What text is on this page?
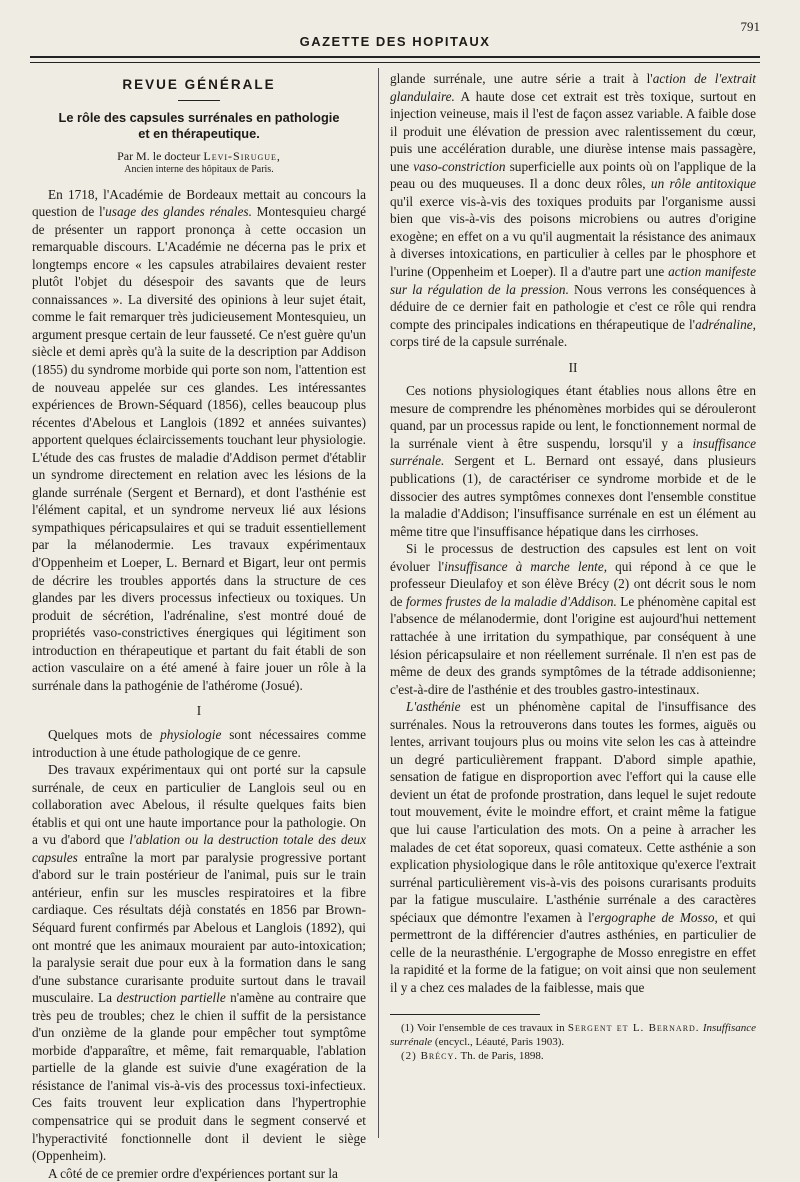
GAZETTE DES HOPITAUX
791
REVUE GÉNÉRALE
Le rôle des capsules surrénales en pathologie
et en thérapeutique.
Par M. le docteur Levi-Sirugue,
Ancien interne des hôpitaux de Paris.

En 1718, l'Académie de Bordeaux mettait au concours la question de l'usage des glandes rénales. Montesquieu chargé de présenter un rapport prononça à cette occasion un remarquable discours. L'Académie ne décerna pas le prix et longtemps encore « les capsules atrabilaires devaient rester plutôt l'objet du désespoir des savants que de leurs connaissances ». La diversité des opinions à leur sujet était, comme le fait remarquer très judicieusement Montesquieu, un argument presque certain de leur fausseté. Ce n'est guère qu'un siècle et demi après qu'à la suite de la description par Addison (1855) du syndrome morbide qui porte son nom, l'attention est de nouveau appelée sur ces glandes. Les intéressantes expériences de Brown-Séquard (1856), celles beaucoup plus récentes d'Abelous et Langlois (1892 et années suivantes) apportent quelques éclaircissements touchant leur physiologie. L'étude des cas frustes de maladie d'Addison permet d'établir un syndrome directement en relation avec les lésions de la glande surrénale (Sergent et Bernard), et dont l'asthénie est l'élément capital, et un syndrome nerveux lié aux lésions sympathiques péricapsulaires et qui se traduit essentiellement par la mélanodermie. Les travaux expérimentaux d'Oppenheim et Loeper, L. Bernard et Bigart, leur ont permis de décrire les troubles apportés dans la structure de ces glandes par les divers processus infectieux ou toxiques. Un produit de sécrétion, l'adrénaline, s'est montré doué de propriétés vaso-constrictives énergiques qui légitiment son introduction en thérapeutique et partant du fait établi de son action vasculaire on a été amené à faire jouer un rôle à la surrénale dans la pathogénie de l'athérome (Josué).

I

Quelques mots de physiologie sont nécessaires comme introduction à une étude pathologique de ce genre.

Des travaux expérimentaux qui ont porté sur la capsule surrénale, de ceux en particulier de Langlois seul ou en collaboration avec Abelous, il résulte quelques faits bien établis et qui ont une haute importance pour la pathologie. On a vu d'abord que l'ablation ou la destruction totale des deux capsules entraîne la mort par paralysie progressive portant d'abord sur le train postérieur de l'animal, puis sur le train antérieur, enfin sur les muscles respiratoires et la fibre cardiaque. Ces résultats déjà constatés en 1856 par Brown-Séquard furent confirmés par Abelous et Langlois (1892), qui ont montré que les animaux mouraient par auto-intoxication; la paralysie serait due pour eux à la formation dans le sang d'une substance curarisante produite surtout dans le travail musculaire. La destruction partielle n'amène au contraire que très peu de troubles; chez le chien il suffit de la persistance d'un onzième de la glande pour empêcher tout symptôme morbide d'apparaître, et même, fait remarquable, l'ablation partielle de la glande est suivie d'une exagération de la résistance de l'animal vis-à-vis des processus toxi-infectieux. Ces faits trouvent leur explication dans l'hypertrophie compensatrice qui se produit dans le segment conservé et l'hyperactivité fonctionnelle dont il devient le siège (Oppenheim).

A côté de ce premier ordre d'expériences portant sur la

glande surrénale, une autre série a trait à l'action de l'extrait glandulaire. A haute dose cet extrait est très toxique, surtout en injection veineuse, mais il l'est de façon assez variable. A faible dose il produit une élévation de pression avec ralentissement du cœur, puis une accélération durable, une diurèse intense mais passagère, une vaso-constriction superficielle aux points où on l'applique de la peau ou des muqueuses. Il a donc deux rôles, un rôle antitoxique qu'il exerce vis-à-vis des toxiques produits par l'organisme aussi bien que vis-à-vis des poisons microbiens ou autres d'origine exogène; en effet on a vu qu'il augmentait la résistance des animaux à diverses intoxications, en particulier à celles par le phosphore et l'urine (Oppenheim et Loeper). Il a d'autre part une action manifeste sur la régulation de la pression. Nous verrons les conséquences à déduire de ce dernier fait en pathologie et c'est ce rôle qui rendra compte des principales indications en thérapeutique de l'adrénaline, corps tiré de la capsule surrénale.

II

Ces notions physiologiques étant établies nous allons être en mesure de comprendre les phénomènes morbides qui se dérouleront quand, par un processus rapide ou lent, le fonctionnement normal de la surrénale vient à être suspendu, lorsqu'il y a insuffisance surrénale. Sergent et L. Bernard ont essayé, dans plusieurs publications (1), de caractériser ce syndrome morbide et de le dissocier des autres symptômes connexes dont l'ensemble constitue la maladie d'Addison; l'insuffisance surrénale en est un élément au même titre que l'insuffisance hépatique dans les cirrhoses.

Si le processus de destruction des capsules est lent on voit évoluer l'insuffisance à marche lente, qui répond à ce que le professeur Dieulafoy et son élève Brécy (2) ont décrit sous le nom de formes frustes de la maladie d'Addison. Le phénomène capital est l'absence de mélanodermie, dont l'origine est aujourd'hui nettement rattachée à une irritation du sympathique, par conséquent à une lésion péricapsulaire et non réellement surrénale. Il n'en est pas de même de deux des grands symptômes de la tétrade addisonienne; c'est-à-dire de l'asthénie et des troubles gastro-intestinaux.

L'asthénie est un phénomène capital de l'insuffisance des surrénales. Nous la retrouverons dans toutes les formes, aiguës ou lentes, arrivant toujours plus ou moins vite selon les cas à atteindre un degré particulièrement frappant. D'abord simple apathie, sensation de fatigue en disproportion avec l'effort qui la cause elle devient un état de profonde prostration, dans lequel le sujet redoute tout mouvement, évite le moindre effort, et craint même la fatigue que lui cause l'articulation des mots. On a peine à arracher les malades de cet état soporeux, quasi comateux. Cette asthénie a son explication physiologique dans le rôle antitoxique qu'exerce l'extrait surrénal particulièrement vis-à-vis des poisons curarisants produits par la fatigue musculaire. L'asthénie surrénale a des caractères spéciaux que démontre l'examen à l'ergographe de Mosso, et qui permettront de la différencier d'autres asthénies, en particulier de celle de la neurasthénie. L'ergographe de Mosso enregistre en effet la rapidité et la forme de la fatigue; on voit ainsi que non seulement il y a chez ces malades de la faiblesse, mais que

(1) Voir l'ensemble de ces travaux in Sergent et L. Bernard. Insuffisance surrénale (encycl., Léauté, Paris 1903).

(2) Brécy. Th. de Paris, 1898.
